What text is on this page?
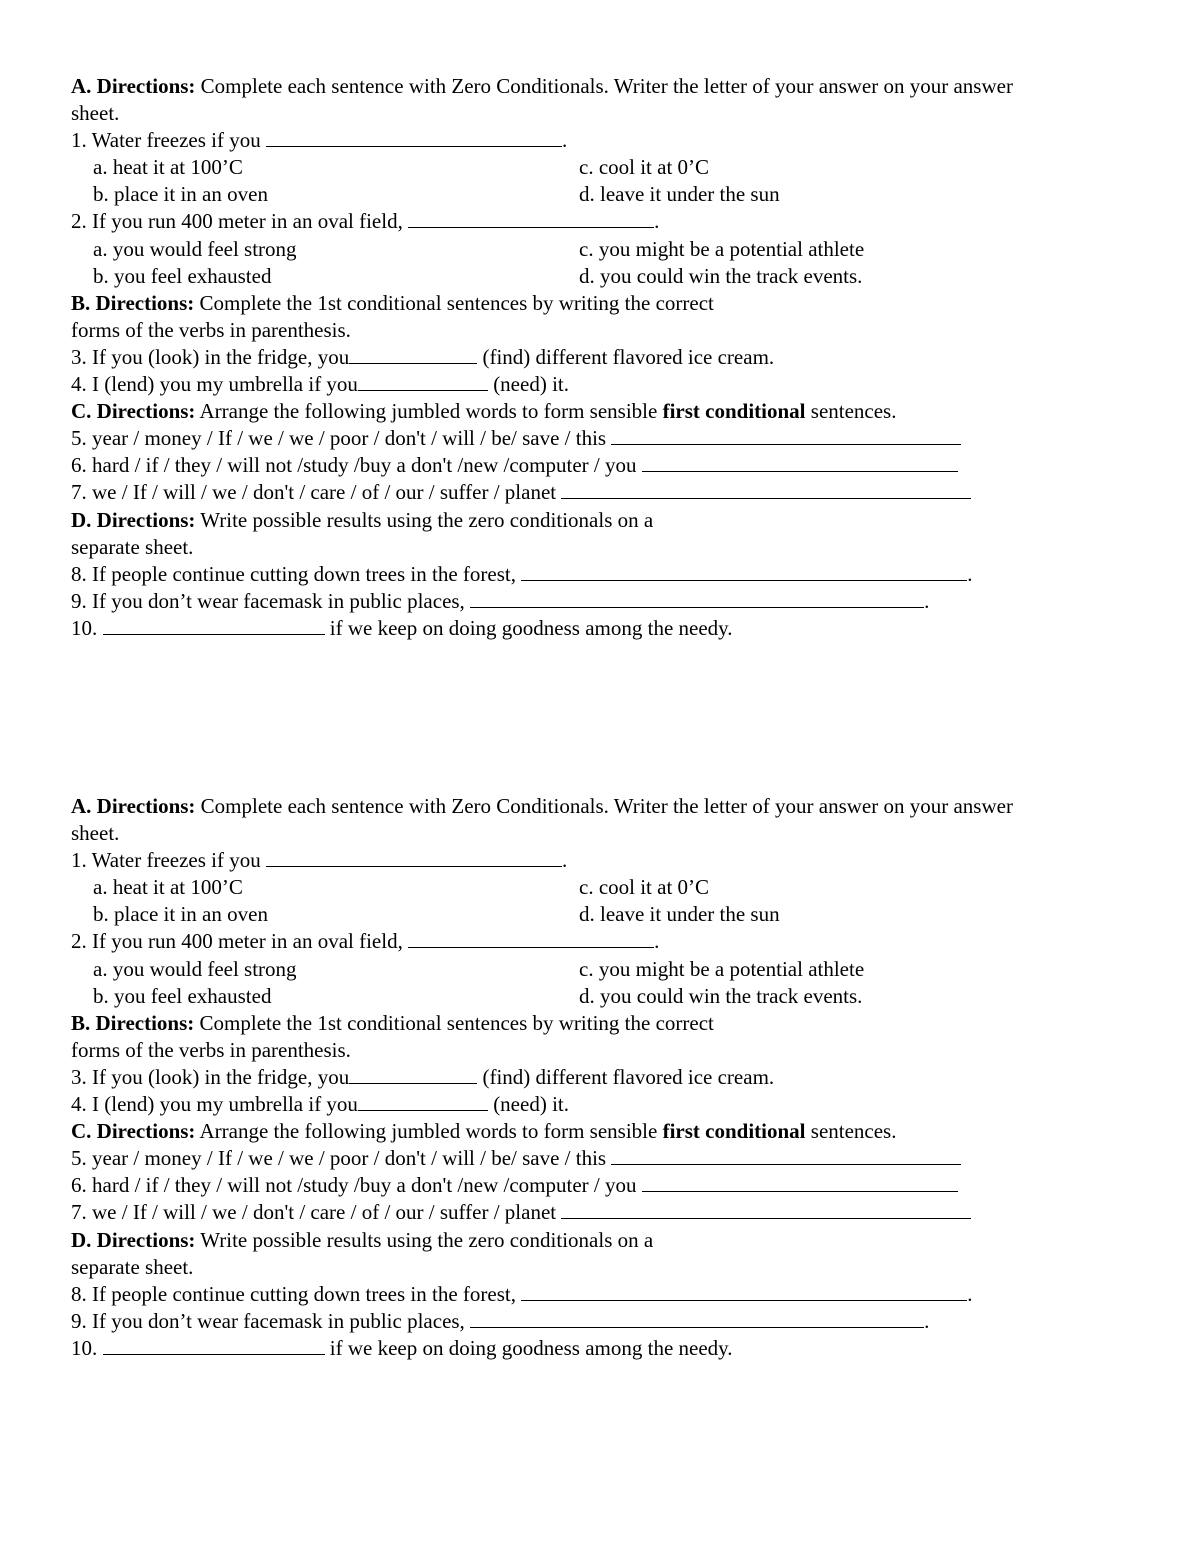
A. Directions: Complete each sentence with Zero Conditionals. Writer the letter of your answer on your answer
sheet.
1. Water freezes if you	.
a. heat it at 100’C	c. cool it at 0’C
b. place it in an oven	d. leave it under the sun
2. If you run 400 meter in an oval field,	.
a. you would feel strong	c. you might be a potential athlete
b. you feel exhausted	d. you could win the track events.
B. Directions: Complete the 1st conditional sentences by writing the correct
forms of the verbs in parenthesis.
3. If you (look) in the fridge, you	(find) different flavored ice cream.
4. I (lend) you my umbrella if you	(need) it.
C. Directions: Arrange the following jumbled words to form sensible first conditional sentences.
5. year / money / If / we / we / poor / don't / will / be/ save / this
6. hard / if / they / will not /study /buy a don't /new /computer / you
7. we / If / will / we / don't / care / of / our / suffer / planet
D. Directions: Write possible results using the zero conditionals on a
separate sheet.
8. If people continue cutting down trees in the forest,	.
9. If you don’t wear facemask in public places,	.
10.	if we keep on doing goodness among the needy.
A. Directions: Complete each sentence with Zero Conditionals. Writer the letter of your answer on your answer
sheet.
1. Water freezes if you	.
a. heat it at 100’C	c. cool it at 0’C
b. place it in an oven	d. leave it under the sun
2. If you run 400 meter in an oval field,	.
a. you would feel strong	c. you might be a potential athlete
b. you feel exhausted	d. you could win the track events.
B. Directions: Complete the 1st conditional sentences by writing the correct
forms of the verbs in parenthesis.
3. If you (look) in the fridge, you	(find) different flavored ice cream.
4. I (lend) you my umbrella if you	(need) it.
C. Directions: Arrange the following jumbled words to form sensible first conditional sentences.
5. year / money / If / we / we / poor / don't / will / be/ save / this
6. hard / if / they / will not /study /buy a don't /new /computer / you
7. we / If / will / we / don't / care / of / our / suffer / planet
D. Directions: Write possible results using the zero conditionals on a
separate sheet.
8. If people continue cutting down trees in the forest,	.
9. If you don’t wear facemask in public places,	.
10.	if we keep on doing goodness among the needy.
